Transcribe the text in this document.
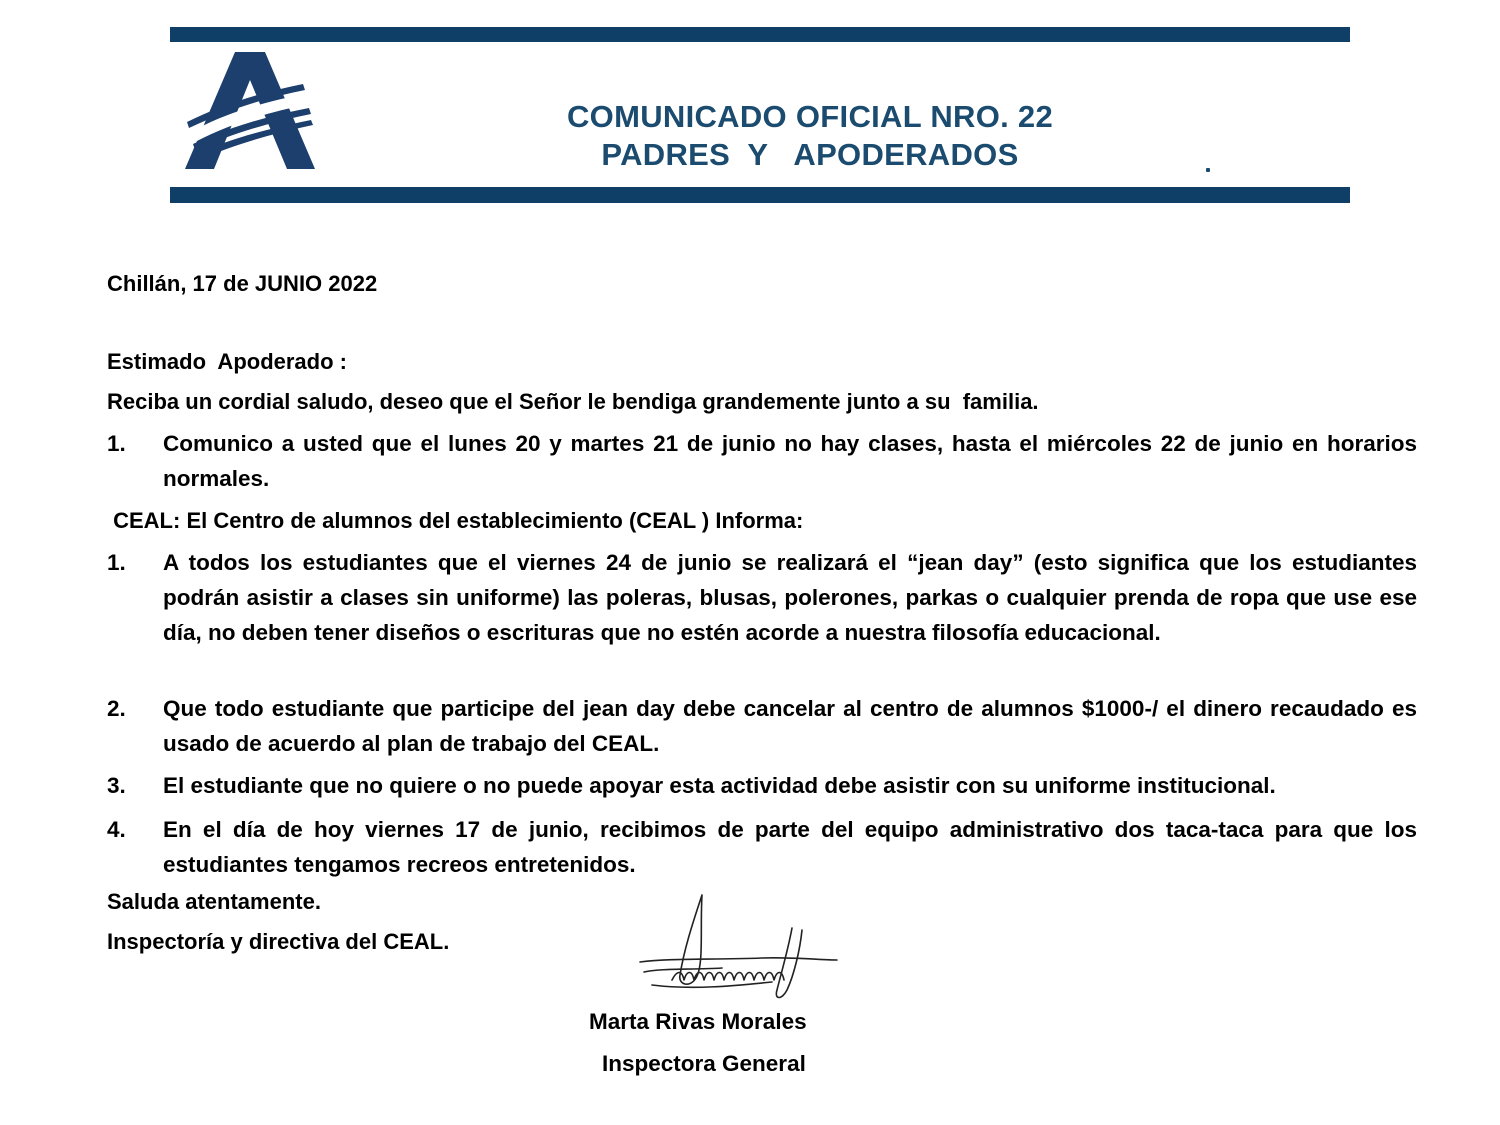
COMUNICADO OFICIAL NRO. 22
PADRES  Y   APODERADOS
Chillán, 17 de JUNIO 2022
Estimado  Apoderado :
Reciba un cordial saludo, deseo que el Señor le bendiga grandemente junto a su  familia.
1.	Comunico a usted que el lunes 20 y martes 21 de junio no hay clases, hasta el miércoles 22 de junio en horarios normales.
CEAL: El Centro de alumnos del establecimiento (CEAL ) Informa:
1.	A todos los estudiantes que el viernes 24 de junio se realizará el “jean day” (esto significa que los estudiantes podrán asistir a clases sin uniforme) las poleras, blusas, polerones, parkas o cualquier prenda de ropa que use ese día, no deben tener diseños o escrituras que no estén acorde a nuestra filosofía educacional.
2.	Que todo estudiante que participe del jean day debe cancelar al centro de alumnos $1000-/ el dinero recaudado es usado de acuerdo al plan de trabajo del CEAL.
3.	El estudiante que no quiere o no puede apoyar esta actividad debe asistir con su uniforme institucional.
4.	En el día de hoy viernes 17 de junio, recibimos de parte del equipo administrativo dos taca-taca para que los estudiantes tengamos recreos entretenidos.
Saluda atentamente.
Inspectoría y directiva del CEAL.
Marta Rivas Morales
Inspectora General
